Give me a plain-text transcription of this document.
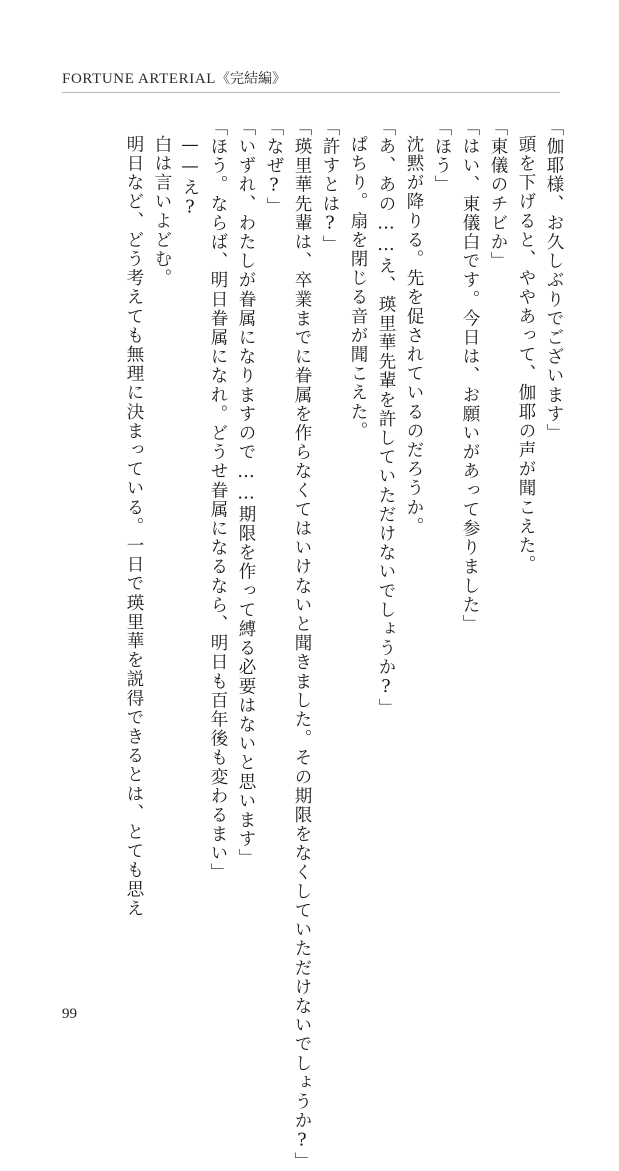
FORTUNE ARTERIAL《完結編》
「伽耶様、お久しぶりでございます」
頭を下げると、ややあって、伽耶の声が聞こえた。
「東儀のチビか」
「はい、東儀白です。今日は、お願いがあって参りました」
「ほう」
沈黙が降りる。先を促されているのだろうか。
「あ、あの……え、瑛里華先輩を許していただけないでしょうか?」
ぱちり。扇を閉じる音が聞こえた。
「許すとは?」
「瑛里華先輩は、卒業までに眷属を作らなくてはいけないと聞きました。その期限をなくしていただけないでしょうか?」
「なぜ?」
「いずれ、わたしが眷属になりますので……期限を作って縛る必要はないと思います」
「ほう。ならば、明日眷属になれ。どうせ眷属になるなら、明日も百年後も変わるまい」
——え?
白は言いよどむ。
明日など、どう考えても無理に決まっている。一日で瑛里華を説得できるとは、とても思え
99
